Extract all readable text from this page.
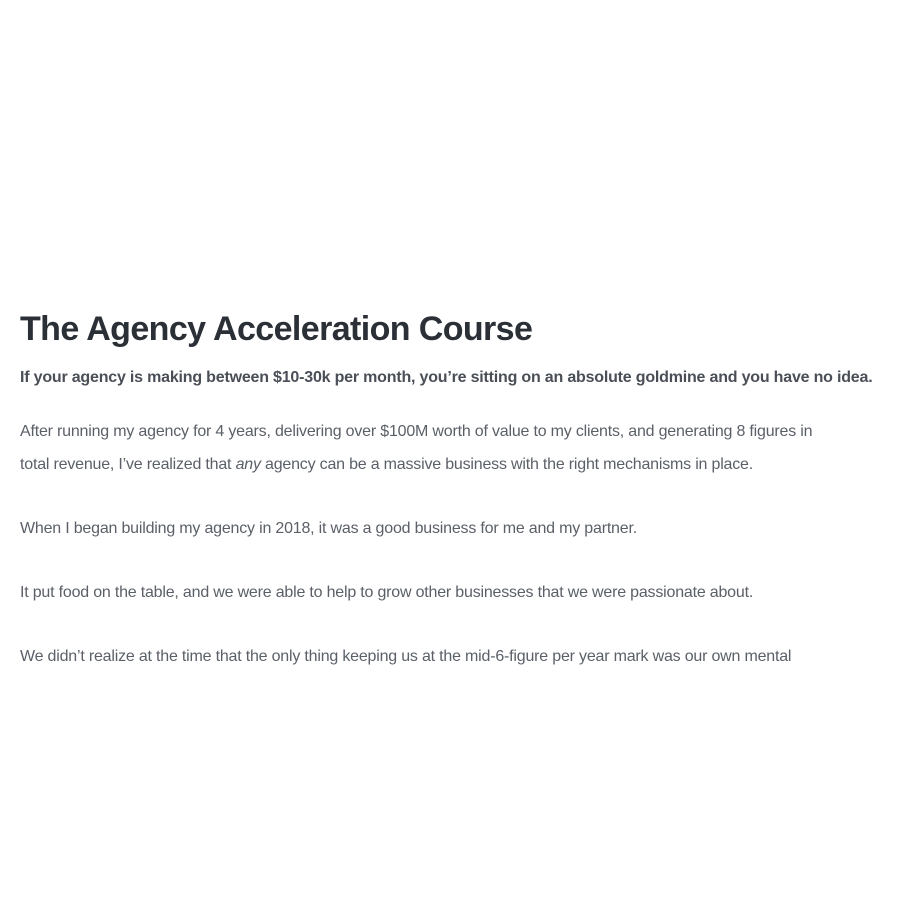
The Agency Acceleration Course

If your agency is making between $10-30k per month, you’re sitting on an absolute goldmine and you have no idea.

After running my agency for 4 years, delivering over $100M worth of value to my clients, and generating 8 figures in
total revenue, I’ve realized that any agency can be a massive business with the right mechanisms in place.

When I began building my agency in 2018, it was a good business for me and my partner.

It put food on the table, and we were able to help to grow other businesses that we were passionate about.

We didn’t realize at the time that the only thing keeping us at the mid-6-figure per year mark was our own mental
